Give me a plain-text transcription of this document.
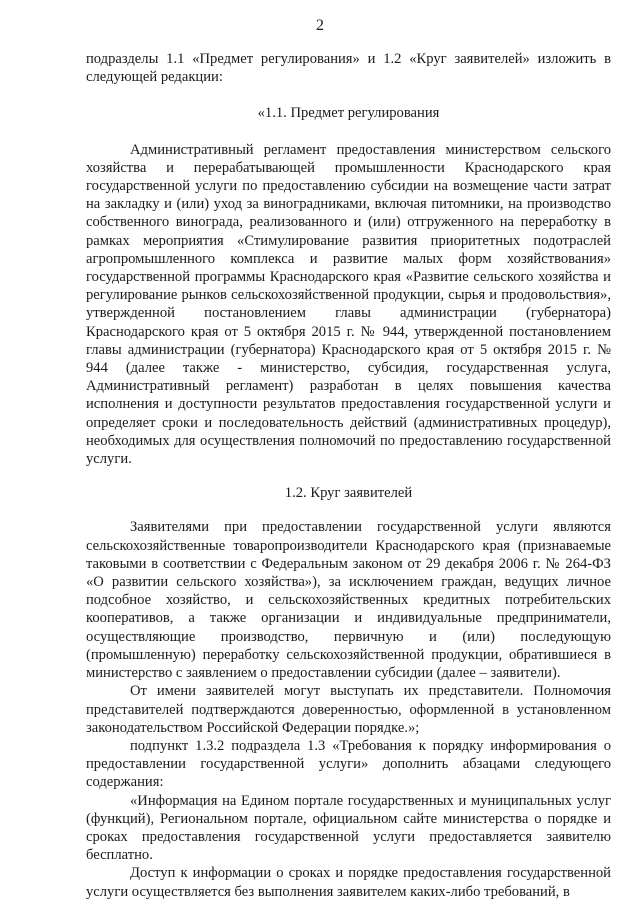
2

подразделы 1.1 «Предмет регулирования» и 1.2 «Круг заявителей» изложить в следующей редакции:

«1.1. Предмет регулирования

Административный регламент предоставления министерством сельского хозяйства и перерабатывающей промышленности Краснодарского края государственной услуги по предоставлению субсидии на возмещение части затрат на закладку и (или) уход за виноградниками, включая питомники, на производство собственного винограда, реализованного и (или) отгруженного на переработку в рамках мероприятия «Стимулирование развития приоритетных подотраслей агропромышленного комплекса и развитие малых форм хозяйствования» государственной программы Краснодарского края «Развитие сельского хозяйства и регулирование рынков сельскохозяйственной продукции, сырья и продовольствия», утвержденной постановлением главы администрации (губернатора) Краснодарского края от 5 октября 2015 г. № 944, утвержденной постановлением главы администрации (губернатора) Краснодарского края от 5 октября 2015 г. № 944 (далее также - министерство, субсидия, государственная услуга, Административный регламент) разработан в целях повышения качества исполнения и доступности результатов предоставления государственной услуги и определяет сроки и последовательность действий (административных процедур), необходимых для осуществления полномочий по предоставлению государственной услуги.

1.2. Круг заявителей

Заявителями при предоставлении государственной услуги являются сельскохозяйственные товаропроизводители Краснодарского края (признаваемые таковыми в соответствии с Федеральным законом от 29 декабря 2006 г. № 264-ФЗ «О развитии сельского хозяйства»), за исключением граждан, ведущих личное подсобное хозяйство, и сельскохозяйственных кредитных потребительских кооперативов, а также организации и индивидуальные предприниматели, осуществляющие производство, первичную и (или) последующую (промышленную) переработку сельскохозяйственной продукции, обратившиеся в министерство с заявлением о предоставлении субсидии (далее – заявители).

От имени заявителей могут выступать их представители. Полномочия представителей подтверждаются доверенностью, оформленной в установленном законодательством Российской Федерации порядке.»;

подпункт 1.3.2 подраздела 1.3 «Требования к порядку информирования о предоставлении государственной услуги» дополнить абзацами следующего содержания:

«Информация на Едином портале государственных и муниципальных услуг (функций), Региональном портале, официальном сайте министерства о порядке и сроках предоставления государственной услуги предоставляется заявителю бесплатно.

Доступ к информации о сроках и порядке предоставления государственной услуги осуществляется без выполнения заявителем каких-либо требований, в
